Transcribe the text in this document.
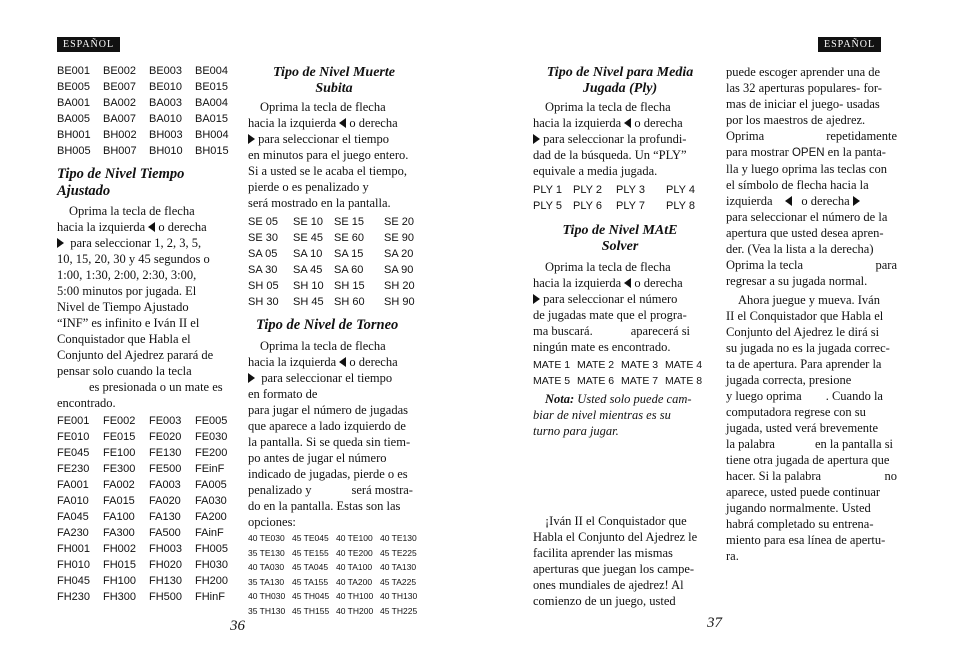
ESPAÑOL	ESPAÑOL
BE001	BE002	BE003	BE004
BE005	BE007	BE010	BE015
BA001	BA002	BA003	BA004
BA005	BA007	BA010	BA015
BH001	BH002	BH003	BH004
BH005	BH007	BH010	BH015
Tipo de Nivel Tiempo Ajustado
Oprima la tecla de flecha
hacia la izquierda o derecha
para seleccionar 1, 2, 3, 5,
10, 15, 20, 30 y 45 segundos o
1:00, 1:30, 2:00, 2:30, 3:00,
5:00 minutos por jugada. El
Nivel de Tiempo Ajustado
“INF” es infinito e Iván II el
Conquistador que Habla el
Conjunto del Ajedrez parará de
pensar solo cuando la tecla
es presionada o un mate es
encontrado.
FE001	FE002	FE003	FE005
FE010	FE015	FE020	FE030
FE045	FE100	FE130	FE200
FE230	FE300	FE500	FEinF
FA001	FA002	FA003	FA005
FA010	FA015	FA020	FA030
FA045	FA100	FA130	FA200
FA230	FA300	FA500	FAinF
FH001	FH002	FH003	FH005
FH010	FH015	FH020	FH030
FH045	FH100	FH130	FH200
FH230	FH300	FH500	FHinF
36
Tipo de Nivel Muerte
Subita
Oprima la tecla de flecha
hacia la izquierda o derecha
para seleccionar el tiempo
en minutos para el juego entero.
Si a usted se le acaba el tiempo,
pierde o es penalizado y
será mostrado en la pantalla.
SE 05	SE 10	SE 15	SE 20
SE 30	SE 45	SE 60	SE 90
SA 05	SA 10	SA 15	SA 20
SA 30	SA 45	SA 60	SA 90
SH 05	SH 10 SH 15	SH 20
SH 30	SH 45 SH 60	SH 90
Tipo de Nivel de Torneo
Oprima la tecla de flecha
hacia la izquierda o derecha
para seleccionar el tiempo
en formato de
para jugar el número de jugadas
que aparece a lado izquierdo de
la pantalla. Si se queda sin tiem-
po antes de jugar el número
indicado de jugadas, pierde o es
penalizado y	será mostra-
do en la pantalla. Estas son las
opciones:
40 TE030 45 TE045 40 TE100 40 TE130
35 TE130 45 TE155 40 TE200 45 TE225
40 TA030 45 TA045 40 TA100 40 TA130
35 TA130 45 TA155 40 TA200 45 TA225
40 TH030 45 TH045 40 TH100 40 TH130
35 TH130 45 TH155 40 TH200 45 TH225
Tipo de Nivel para Media
Jugada (Ply)
Oprima la tecla de flecha
hacia la izquierda o derecha
para seleccionar la profundi-
dad de la búsqueda. Un “PLY”
equivale a media jugada.
PLY 1	PLY 2	PLY 3	PLY 4
PLY 5	PLY 6	PLY 7	PLY 8
Tipo de Nivel MAtE
Solver
Oprima la tecla de flecha
hacia la izquierda o derecha
para seleccionar el número
de jugadas mate que el progra-
ma buscará.	aparecerá si
ningún mate es encontrado.
MATE 1 MATE 2 MATE 3 MATE 4
MATE 5 MATE 6 MATE 7 MATE 8
Nota: Usted solo puede cam-
biar de nivel mientras es su
turno para jugar.
¡Iván II el Conquistador que
Habla el Conjunto del Ajedrez le
facilita aprender las mismas
aperturas que juegan los campe-
ones mundiales de ajedrez! Al
comienzo de un juego, usted
puede escoger aprender una de
las 32 aperturas populares- for-
mas de iniciar el juego- usadas
por los maestros de ajedrez.
Oprima	repetidamente
para mostrar OPEN en la panta-
lla y luego oprima las teclas con
el símbolo de flecha hacia la
izquierda o derecha
para seleccionar el número de la
apertura que usted desea apren-
der. (Vea la lista a la derecha)
Oprima la tecla	para
regresar a su jugada normal.
Ahora juegue y mueva. Iván
II el Conquistador que Habla el
Conjunto del Ajedrez le dirá si
su jugada no es la jugada correc-
ta de apertura. Para aprender la
jugada correcta, presione
y luego oprima . Cuando la
computadora regrese con su
jugada, usted verá brevemente
la palabra	en la pantalla si
tiene otra jugada de apertura que
hacer. Si la palabra	no
aparece, usted puede continuar
jugando normalmente. Usted
habrá completado su entrena-
miento para esa línea de apertu-
ra.
37
